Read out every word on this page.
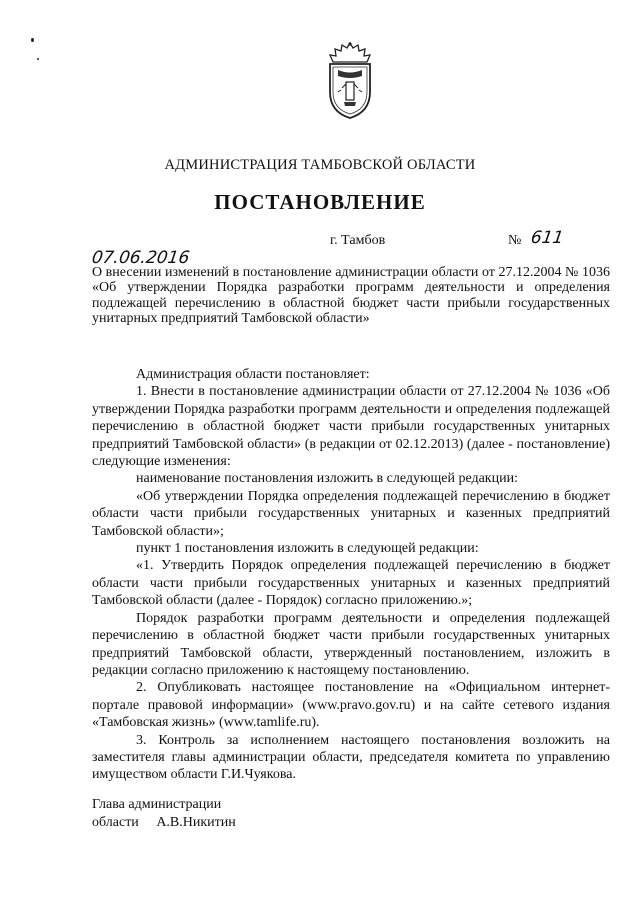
АДМИНИСТРАЦИЯ ТАМБОВСКОЙ ОБЛАСТИ
ПОСТАНОВЛЕНИЕ
г. Тамбов	№ 611
07.06.2016
О внесении изменений в постановление администрации области от 27.12.2004 № 1036 «Об утверждении Порядка разработки программ деятельности и определения подлежащей перечислению в областной бюджет части прибыли государственных унитарных предприятий Тамбовской области»

Администрация области постановляет:

1. Внести в постановление администрации области от 27.12.2004 № 1036 «Об утверждении Порядка разработки программ деятельности и определения подлежащей перечислению в областной бюджет части прибыли государственных унитарных предприятий Тамбовской области» (в редакции от 02.12.2013) (далее - постановление) следующие изменения:

наименование постановления изложить в следующей редакции:

«Об утверждении Порядка определения подлежащей перечислению в бюджет области части прибыли государственных унитарных и казенных предприятий Тамбовской области»;

пункт 1 постановления изложить в следующей редакции:

«1. Утвердить Порядок определения подлежащей перечислению в бюджет области части прибыли государственных унитарных и казенных предприятий Тамбовской области (далее - Порядок) согласно приложению.»;

Порядок разработки программ деятельности и определения подлежащей перечислению в областной бюджет части прибыли государственных унитарных предприятий Тамбовской области, утвержденный постановлением, изложить в редакции согласно приложению к настоящему постановлению.

2. Опубликовать настоящее постановление на «Официальном интернет-портале правовой информации» (www.pravo.gov.ru) и на сайте сетевого издания «Тамбовская жизнь» (www.tamlife.ru).

3. Контроль за исполнением настоящего постановления возложить на заместителя главы администрации области, председателя комитета по управлению имуществом области Г.И.Чуякова.

Глава администрации
области А.В.Никитин
